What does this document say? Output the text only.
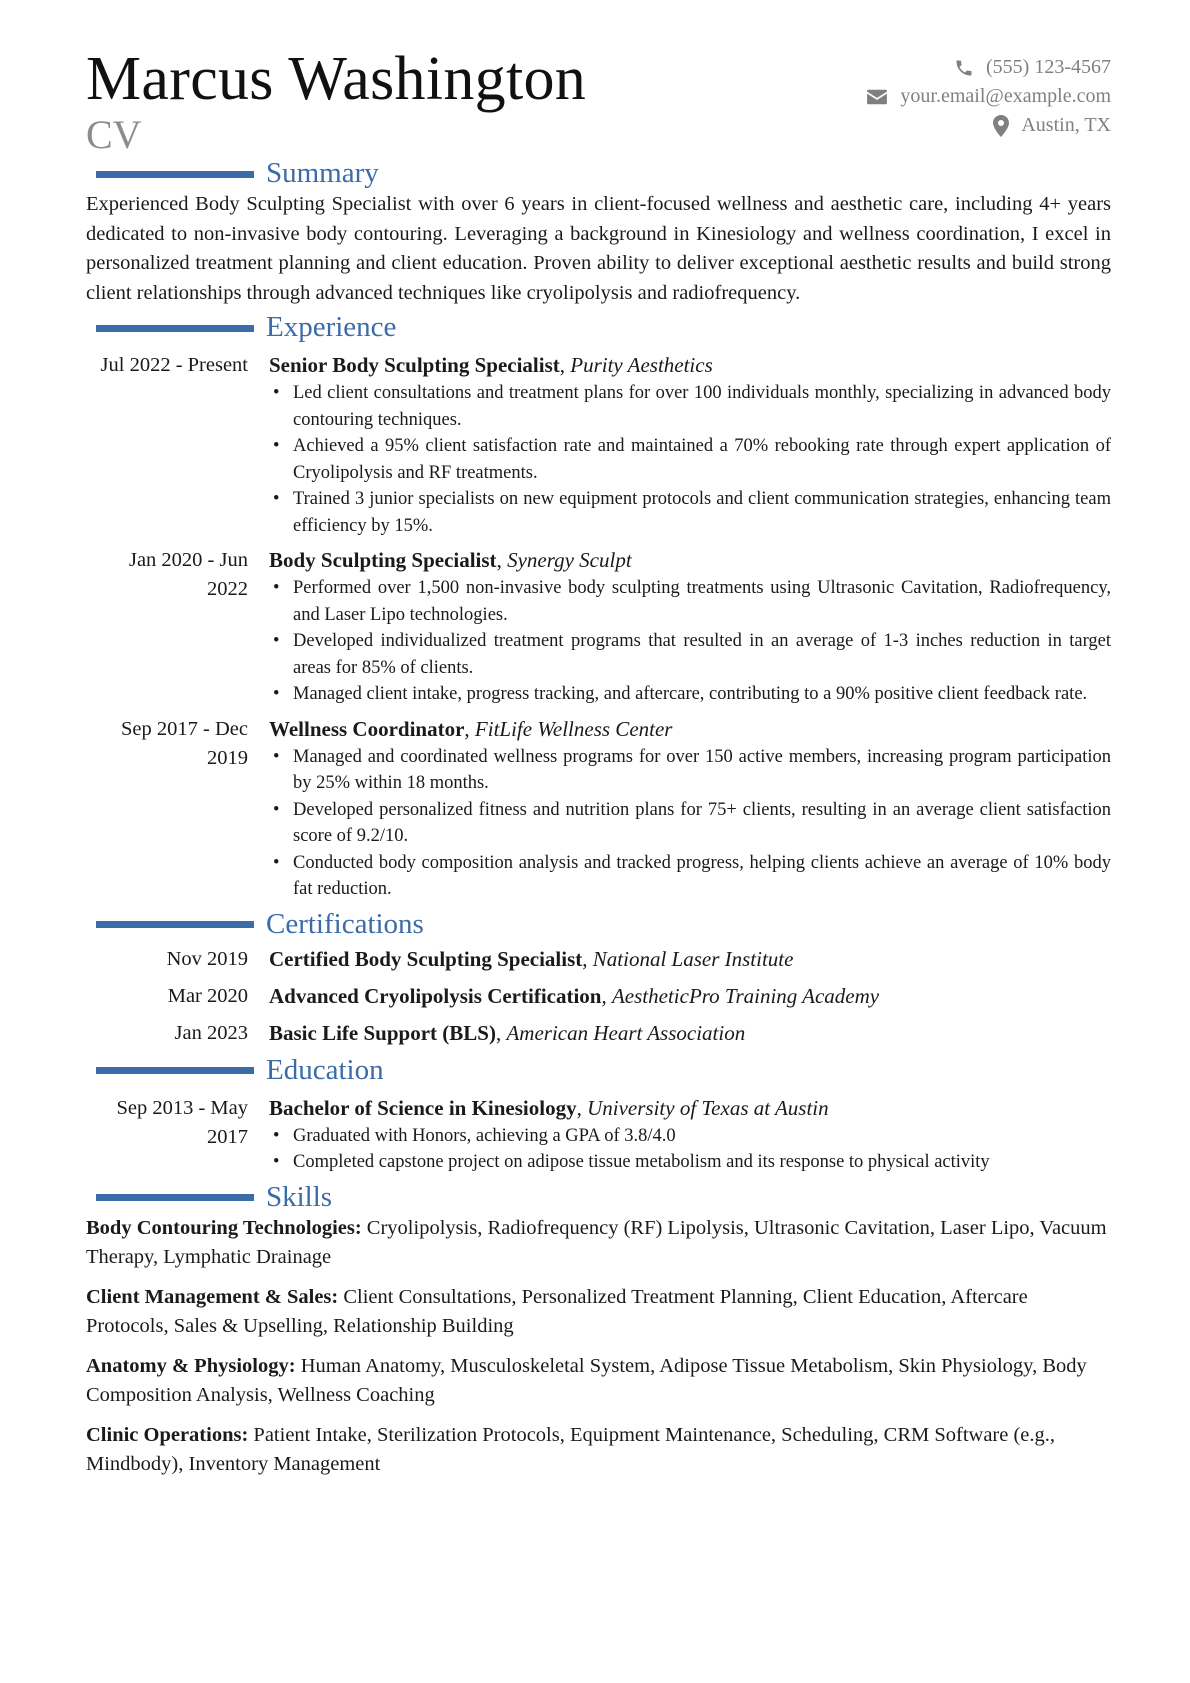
Marcus Washington
CV
(555) 123-4567
your.email@example.com
Austin, TX
Summary
Experienced Body Sculpting Specialist with over 6 years in client-focused wellness and aesthetic care, including 4+ years dedicated to non-invasive body contouring. Leveraging a background in Kinesiology and wellness coordination, I excel in personalized treatment planning and client education. Proven ability to deliver exceptional aesthetic results and build strong client relationships through advanced techniques like cryolipolysis and radiofrequency.
Experience
Jul 2022 - Present Senior Body Sculpting Specialist, Purity Aesthetics
• Led client consultations and treatment plans for over 100 individuals monthly, specializing in advanced body contouring techniques.
• Achieved a 95% client satisfaction rate and maintained a 70% rebooking rate through expert application of Cryolipolysis and RF treatments.
• Trained 3 junior specialists on new equipment protocols and client communication strategies, enhancing team efficiency by 15%.
Jan 2020 - Jun 2022
Body Sculpting Specialist, Synergy Sculpt
• Performed over 1,500 non-invasive body sculpting treatments using Ultrasonic Cavitation, Radiofrequency, and Laser Lipo technologies.
• Developed individualized treatment programs that resulted in an average of 1-3 inches reduction in target areas for 85% of clients.
• Managed client intake, progress tracking, and aftercare, contributing to a 90% positive client feedback rate.
Sep 2017 - Dec 2019
Wellness Coordinator, FitLife Wellness Center
• Managed and coordinated wellness programs for over 150 active members, increasing program participation by 25% within 18 months.
• Developed personalized fitness and nutrition plans for 75+ clients, resulting in an average client satisfaction score of 9.2/10.
• Conducted body composition analysis and tracked progress, helping clients achieve an average of 10% body fat reduction.
Certifications
Nov 2019 Certified Body Sculpting Specialist, National Laser Institute
Mar 2020 Advanced Cryolipolysis Certification, AestheticPro Training Academy
Jan 2023 Basic Life Support (BLS), American Heart Association
Education
Sep 2013 - May 2017
Bachelor of Science in Kinesiology, University of Texas at Austin
• Graduated with Honors, achieving a GPA of 3.8/4.0
• Completed capstone project on adipose tissue metabolism and its response to physical activity
Skills
Body Contouring Technologies: Cryolipolysis, Radiofrequency (RF) Lipolysis, Ultrasonic Cavitation, Laser Lipo, Vacuum Therapy, Lymphatic Drainage
Client Management & Sales: Client Consultations, Personalized Treatment Planning, Client Education, Aftercare Protocols, Sales & Upselling, Relationship Building
Anatomy & Physiology: Human Anatomy, Musculoskeletal System, Adipose Tissue Metabolism, Skin Physiology, Body Composition Analysis, Wellness Coaching
Clinic Operations: Patient Intake, Sterilization Protocols, Equipment Maintenance, Scheduling, CRM Software (e.g., Mindbody), Inventory Management
